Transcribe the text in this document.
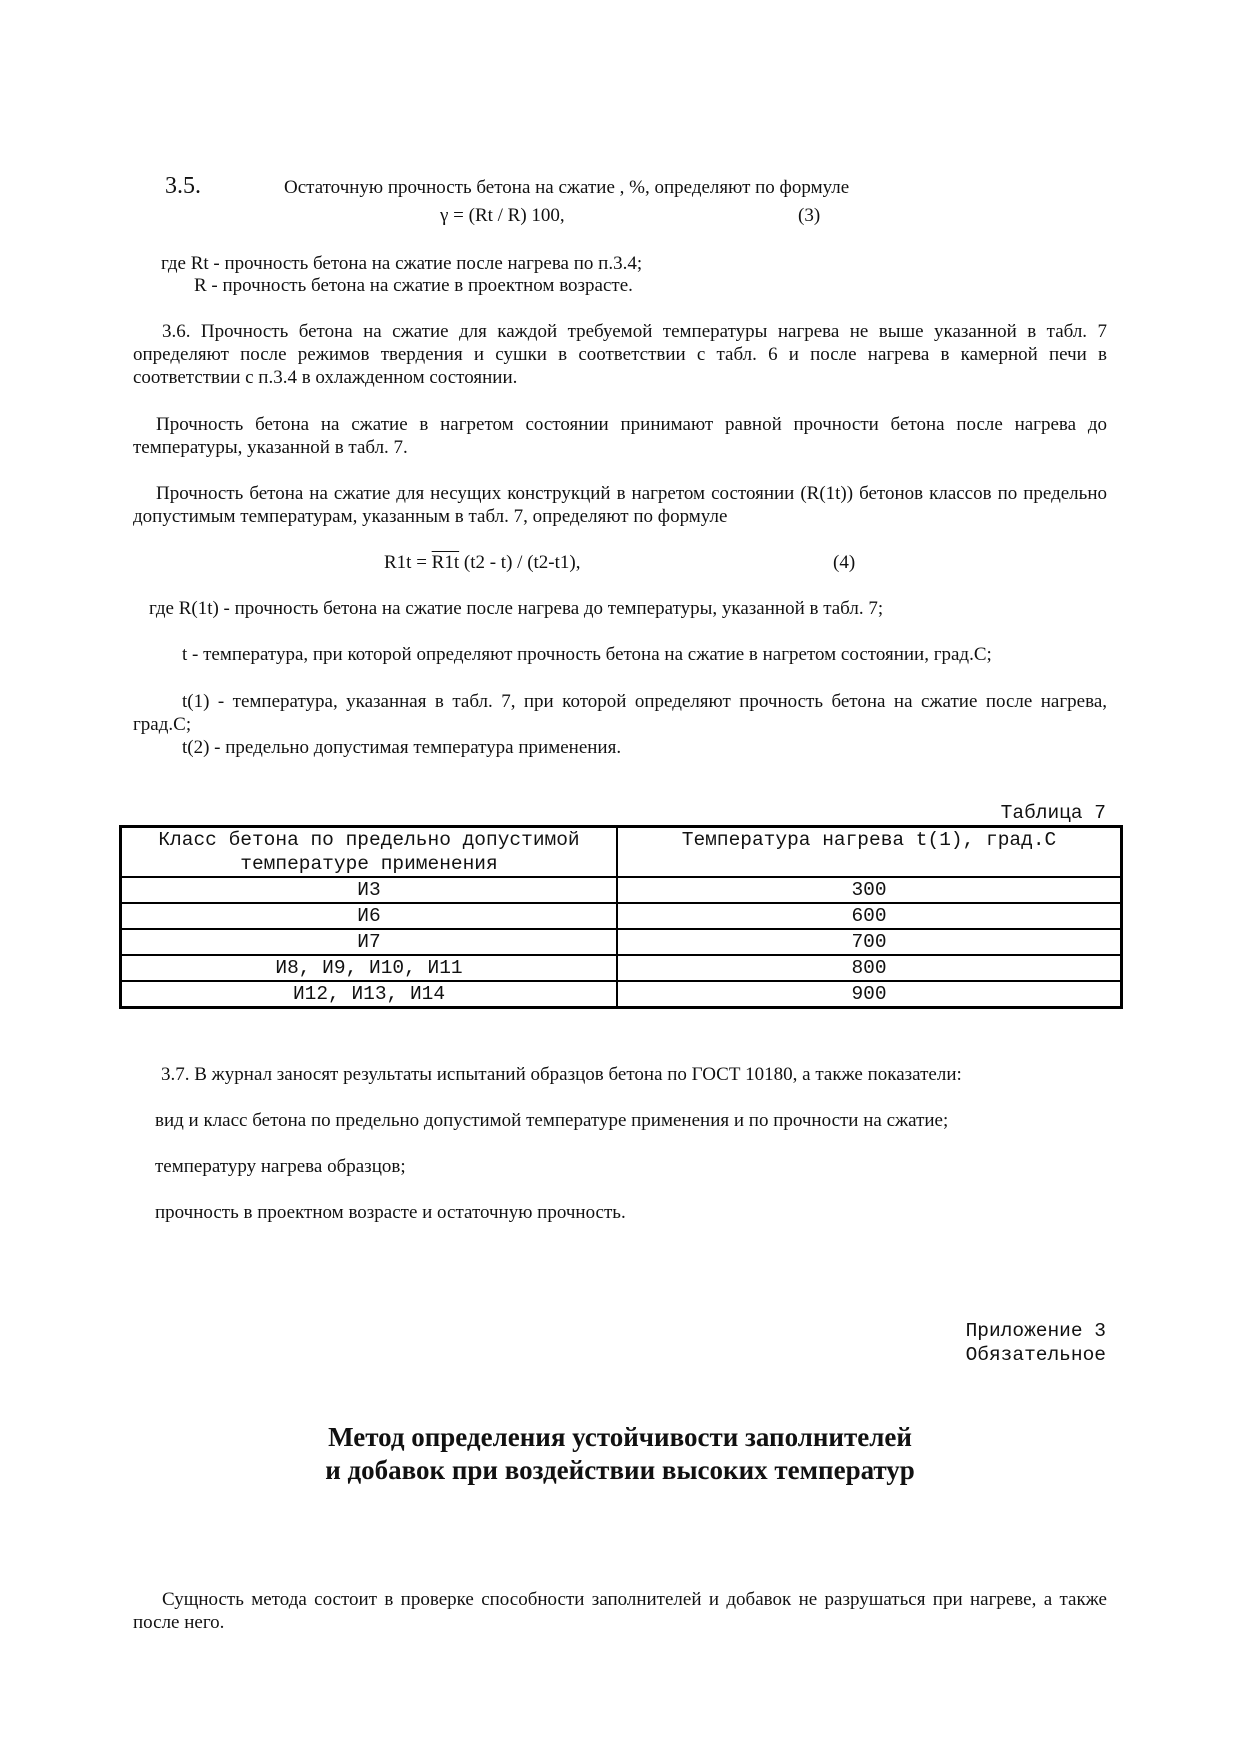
3.5.	Остаточную прочность бетона на сжатие , %, определяют по формуле
γ = (Rt / R) 100,	(3)
где Rt - прочность бетона на сжатие после нагрева по п.3.4;
R - прочность бетона на сжатие в проектном возрасте.
3.6. Прочность бетона на сжатие для каждой требуемой температуры нагрева не выше указанной в табл. 7 определяют после режимов твердения и сушки в соответствии с табл. 6 и после нагрева в камерной печи в соответствии с п.3.4 в охлажденном состоянии.
Прочность бетона на сжатие в нагретом состоянии принимают равной прочности бетона после нагрева до температуры, указанной в табл. 7.
Прочность бетона на сжатие для несущих конструкций в нагретом состоянии (R(1t)) бетонов классов по предельно допустимым температурам, указанным в табл. 7, определяют по формуле
R1t = R1t (t2 - t) / (t2-t1),	(4)
где R(1t) - прочность бетона на сжатие после нагрева до температуры, указанной в табл. 7;
t - температура, при которой определяют прочность бетона на сжатие в нагретом состоянии, град.С;
t(1) - температура, указанная в табл. 7, при которой определяют прочность бетона на сжатие после нагрева, град.С;
t(2) - предельно допустимая температура применения.
Таблица 7
Класс бетона по предельно допустимой температуре применения	Температура нагрева t(1), град.С
И3	300
И6	600
И7	700
И8, И9, И10, И11	800
И12, И13, И14	900
3.7. В журнал заносят результаты испытаний образцов бетона по ГОСТ 10180, а также показатели:
вид и класс бетона по предельно допустимой температуре применения и по прочности на сжатие;
температуру нагрева образцов;
прочность в проектном возрасте и остаточную прочность.
Приложение 3
Обязательное
Метод определения устойчивости заполнителей
и добавок при воздействии высоких температур
Сущность метода состоит в проверке способности заполнителей и добавок не разрушаться при нагреве, а также после него.
